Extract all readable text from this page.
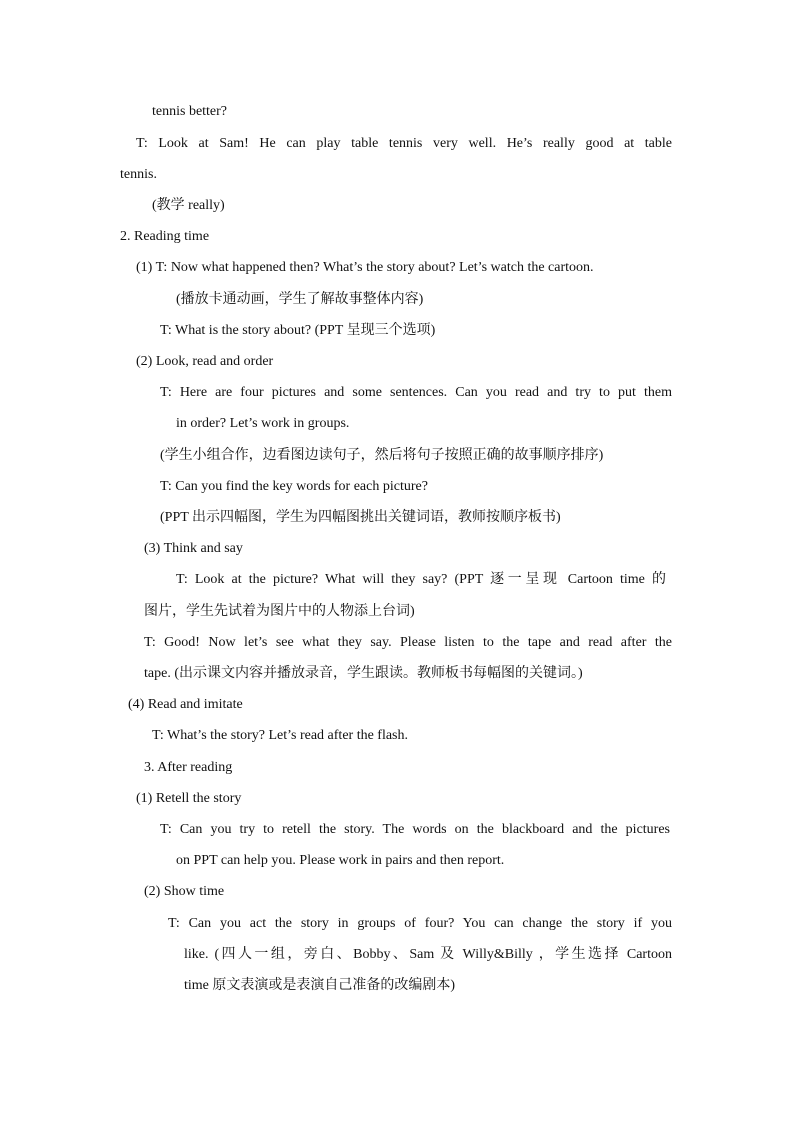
tennis better?
T: Look at Sam! He can play table tennis very well. He’s really good at table
tennis.
(教学 really)
2. Reading time
(1) T: Now what happened then? What’s the story about? Let’s watch the cartoon.
(播放卡通动画，学生了解故事整体内容)
T: What is the story about? (PPT 呈现三个选项)
(2) Look, read and order
T: Here are four pictures and some sentences. Can you read and try to put them
in order? Let’s work in groups.
(学生小组合作，边看图边读句子，然后将句子按照正确的故事顺序排序)
T: Can you find the key words for each picture?
(PPT 出示四幅图，学生为四幅图挑出关键词语，教师按顺序板书)
(3) Think and say
T: Look at the picture? What will they say? (PPT 逐一呈现 Cartoon time 的
图片，学生先试着为图片中的人物添上台词)
T: Good! Now let’s see what they say. Please listen to the tape and read after the
tape. (出示课文内容并播放录音，学生跟读。教师板书每幅图的关键词。)
(4) Read and imitate
T: What’s the story? Let’s read after the flash.
3. After reading
(1) Retell the story
T: Can you try to retell the story. The words on the blackboard and the pictures
on PPT can help you. Please work in pairs and then report.
(2) Show time
T: Can you act the story in groups of four? You can change the story if you
like. (四人一组，旁白、Bobby、Sam 及 Willy&Billy ，学生选择 Cartoon
time 原文表演或是表演自己准备的改编剧本)
